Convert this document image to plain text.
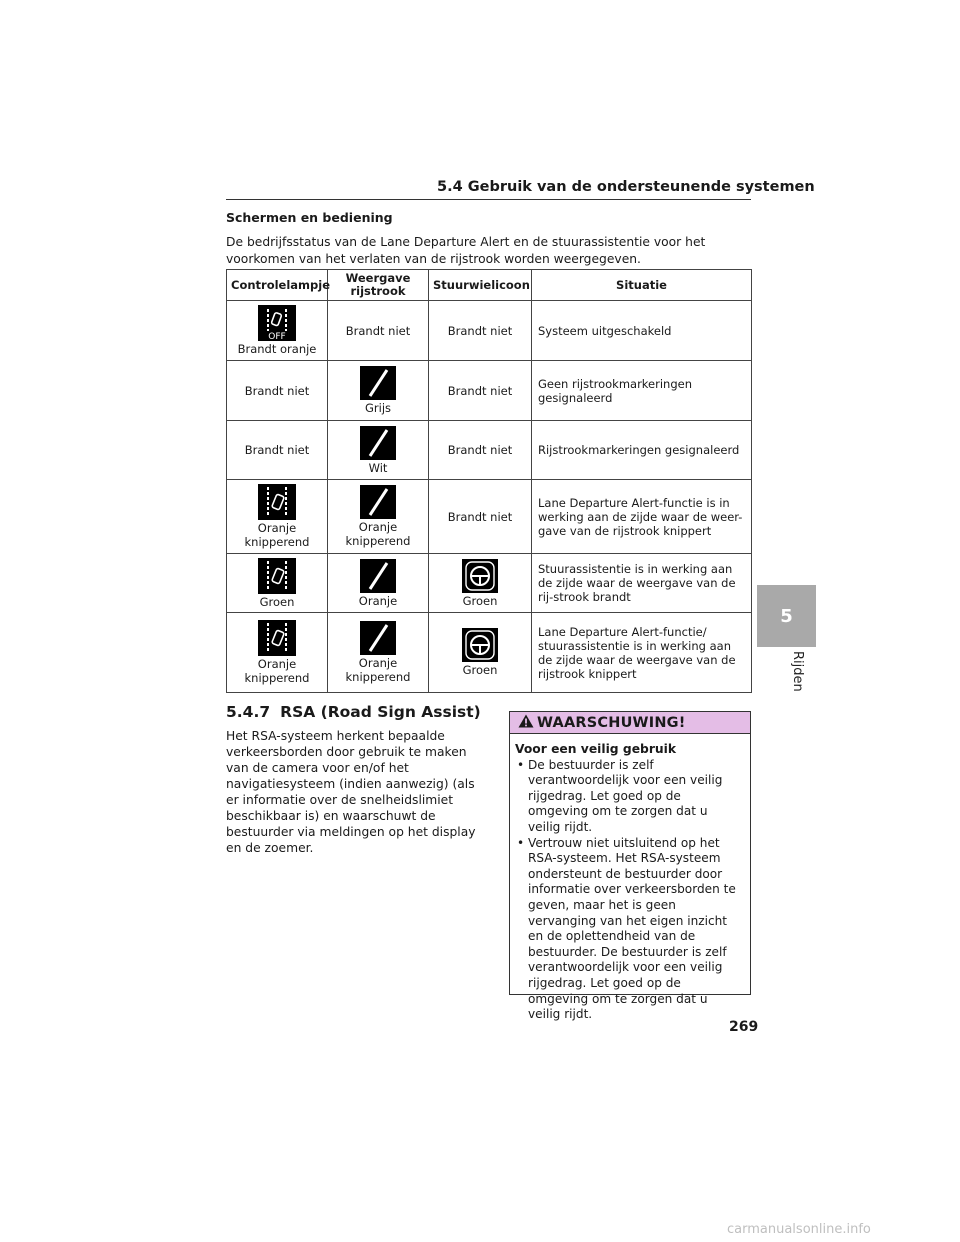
5.4 Gebruik van de ondersteunende systemen
Schermen en bediening
De bedrijfsstatus van de Lane Departure Alert en de stuurassistentie voor het voorkomen van het verlaten van de rijstrook worden weergegeven.
Controlelampje	Weergave rijstrook	Stuurwielicoon	Situatie

OFF
Brandt oranje	Brandt niet	Brandt niet	Systeem uitgeschakeld
Brandt niet	Grijs	Brandt niet	Geen rijstrookmarkeringen gesignaleerd
Brandt niet	Wit	Brandt niet	Rijstrookmarkeringen gesignaleerd

Oranje knipperend	Oranje knipperend	Brandt niet	Lane Departure Alert-functie is in werking aan de zijde waar de weer-gave van de rijstrook knippert

Groen	Oranje	Groen	Stuurassistentie is in werking aan de zijde waar de weergave van de rij-strook brandt

Oranje knipperend	Oranje knipperend	Groen	Lane Departure Alert-functie/ stuurassistentie is in werking aan de zijde waar de weergave van de rijstrook knippert
5.4.7 RSA (Road Sign Assist)
Het RSA-systeem herkent bepaalde verkeersborden door gebruik te maken van de camera voor en/of het navigatiesysteem (indien aanwezig) (als er informatie over de snelheidslimiet beschikbaar is) en waarschuwt de bestuurder via meldingen op het display en de zoemer.
WAARSCHUWING!
Voor een veilig gebruik
• De bestuurder is zelf verantwoordelijk voor een veilig rijgedrag. Let goed op de omgeving om te zorgen dat u veilig rijdt.
• Vertrouw niet uitsluitend op het RSA-systeem. Het RSA-systeem ondersteunt de bestuurder door informatie over verkeersborden te geven, maar het is geen vervanging van het eigen inzicht en de oplettendheid van de bestuurder. De bestuurder is zelf verantwoordelijk voor een veilig rijgedrag. Let goed op de omgeving om te zorgen dat u veilig rijdt.
5
Rijden
269
carmanualsonline.info
